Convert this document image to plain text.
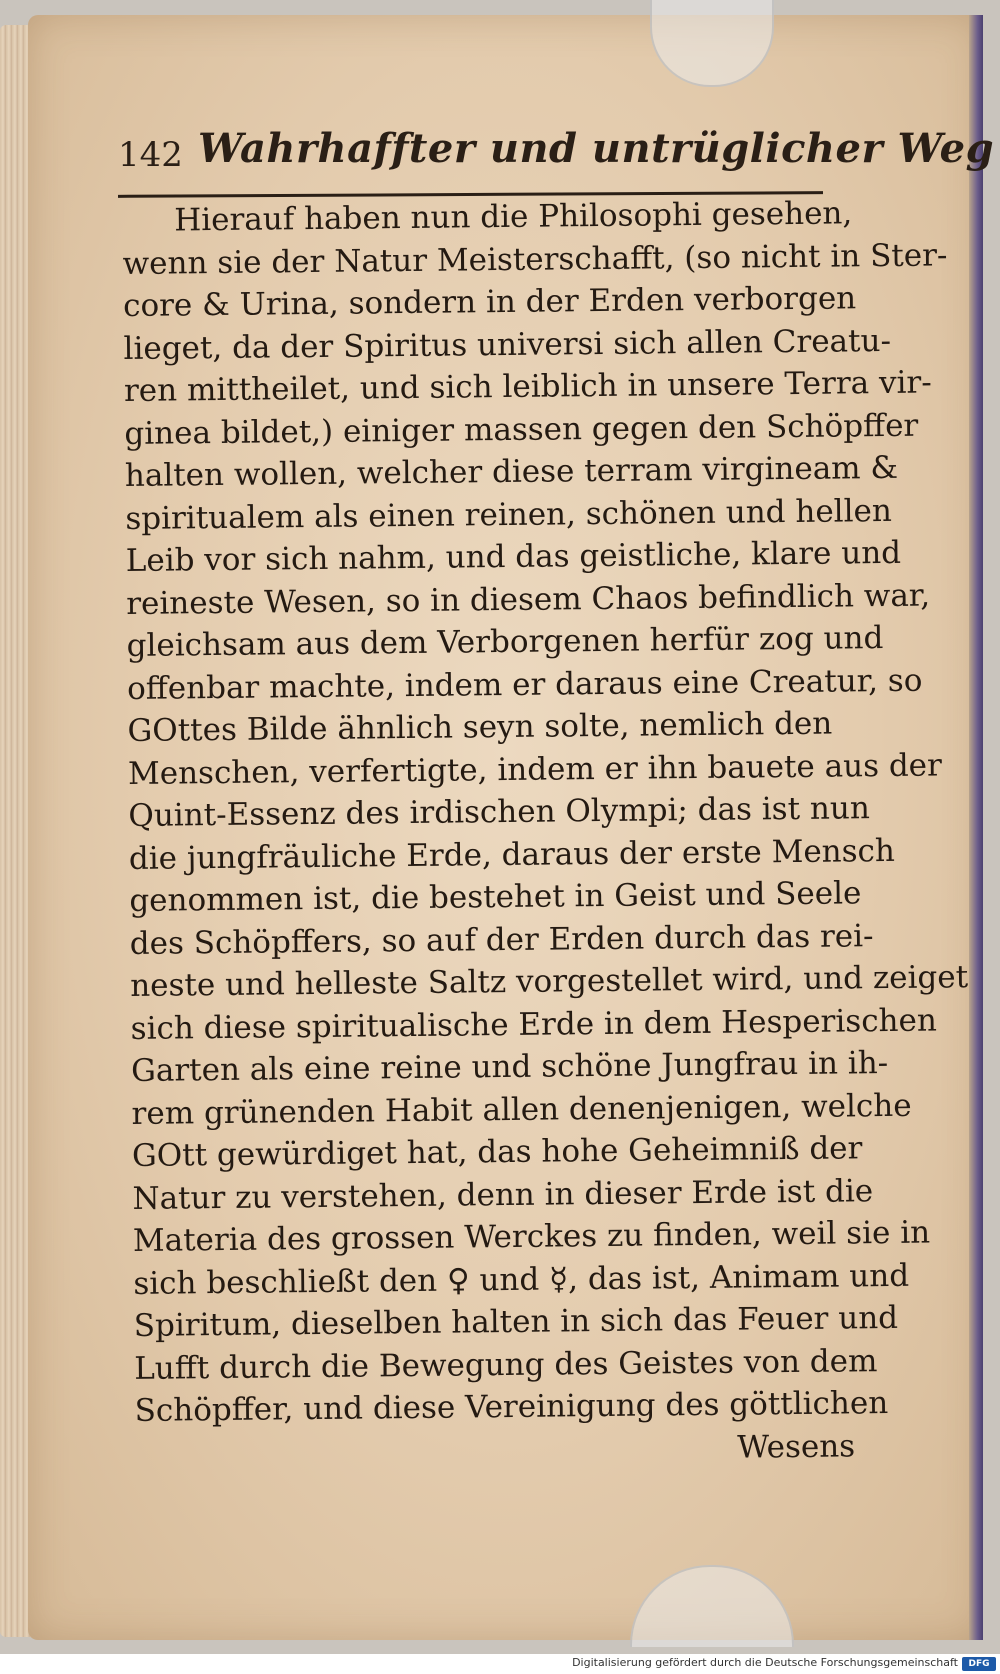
142 Wahrhaffter und untrüglicher Weg
Hierauf haben nun die Philosophi gesehen,
wenn sie der Natur Meisterschafft, (so nicht in Ster-
core & Urina, sondern in der Erden verborgen
lieget, da der Spiritus universi sich allen Creatu-
ren mittheilet, und sich leiblich in unsere Terra vir-
ginea bildet,) einiger massen gegen den Schöpffer
halten wollen, welcher diese terram virgineam &
spiritualem als einen reinen, schönen und hellen
Leib vor sich nahm, und das geistliche, klare und
reineste Wesen, so in diesem Chaos befindlich war,
gleichsam aus dem Verborgenen herfür zog und
offenbar machte, indem er daraus eine Creatur, so
GOttes Bilde ähnlich seyn solte, nemlich den
Menschen, verfertigte, indem er ihn bauete aus der
Quint-Essenz des irdischen Olympi; das ist nun
die jungfräuliche Erde, daraus der erste Mensch
genommen ist, die bestehet in Geist und Seele
des Schöpffers, so auf der Erden durch das rei-
neste und helleste Saltz vorgestellet wird, und zeiget
sich diese spiritualische Erde in dem Hesperischen
Garten als eine reine und schöne Jungfrau in ih-
rem grünenden Habit allen denenjenigen, welche
GOtt gewürdiget hat, das hohe Geheimniß der
Natur zu verstehen, denn in dieser Erde ist die
Materia des grossen Werckes zu finden, weil sie in
sich beschließt den ♀ und ☿, das ist, Animam und
Spiritum, dieselben halten in sich das Feuer und
Lufft durch die Bewegung des Geistes von dem
Schöpffer, und diese Vereinigung des göttlichen
Wesens
Digitalisierung gefördert durch die Deutsche Forschungsgemeinschaft	DFG
